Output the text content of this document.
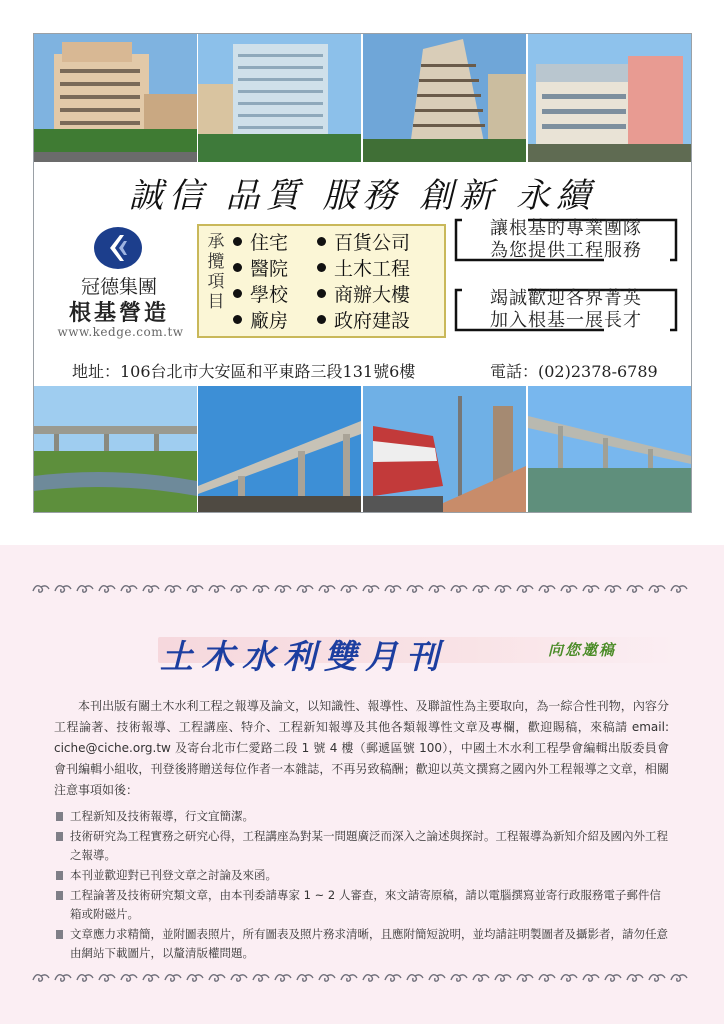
誠信 品質 服務 創新 永續
冠德集團
根基營造
www.kedge.com.tw
承攬項目
住宅	百貨公司
醫院	土木工程
學校	商辦大樓
廠房	政府建設
讓根基的專業團隊
為您提供工程服務
竭誠歡迎各界菁英
加入根基一展長才
地址：106台北市大安區和平東路三段131號6樓	電話：(02)2378-6789
土木水利雙月刊	向您邀稿
本刊出版有關土木水利工程之報導及論文，以知識性、報導性、及聯誼性為主要取向，為一綜合性刊物，內容分工程論著、技術報導、工程講座、特介、工程新知報導及其他各類報導性文章及專欄，歡迎賜稿，來稿請 email: ciche@ciche.org.tw 及寄台北市仁愛路二段 1 號 4 樓（郵遞區號 100），中國土木水利工程學會編輯出版委員會會刊編輯小組收，刊登後將贈送每位作者一本雜誌，不再另致稿酬；歡迎以英文撰寫之國內外工程報導之文章，相關注意事項如後：
工程新知及技術報導，行文宜簡潔。
技術研究為工程實務之研究心得，工程講座為對某一問題廣泛而深入之論述與探討。工程報導為新知介紹及國內外工程之報導。
本刊並歡迎對已刊登文章之討論及來函。
工程論著及技術研究類文章，由本刊委請專家 1 ~ 2 人審查，來文請寄原稿，請以電腦撰寫並寄行政服務電子郵件信箱或附磁片。
文章應力求精簡，並附圖表照片，所有圖表及照片務求清晰，且應附簡短說明，並均請註明製圖者及攝影者，請勿任意由網站下載圖片，以釐清版權問題。
